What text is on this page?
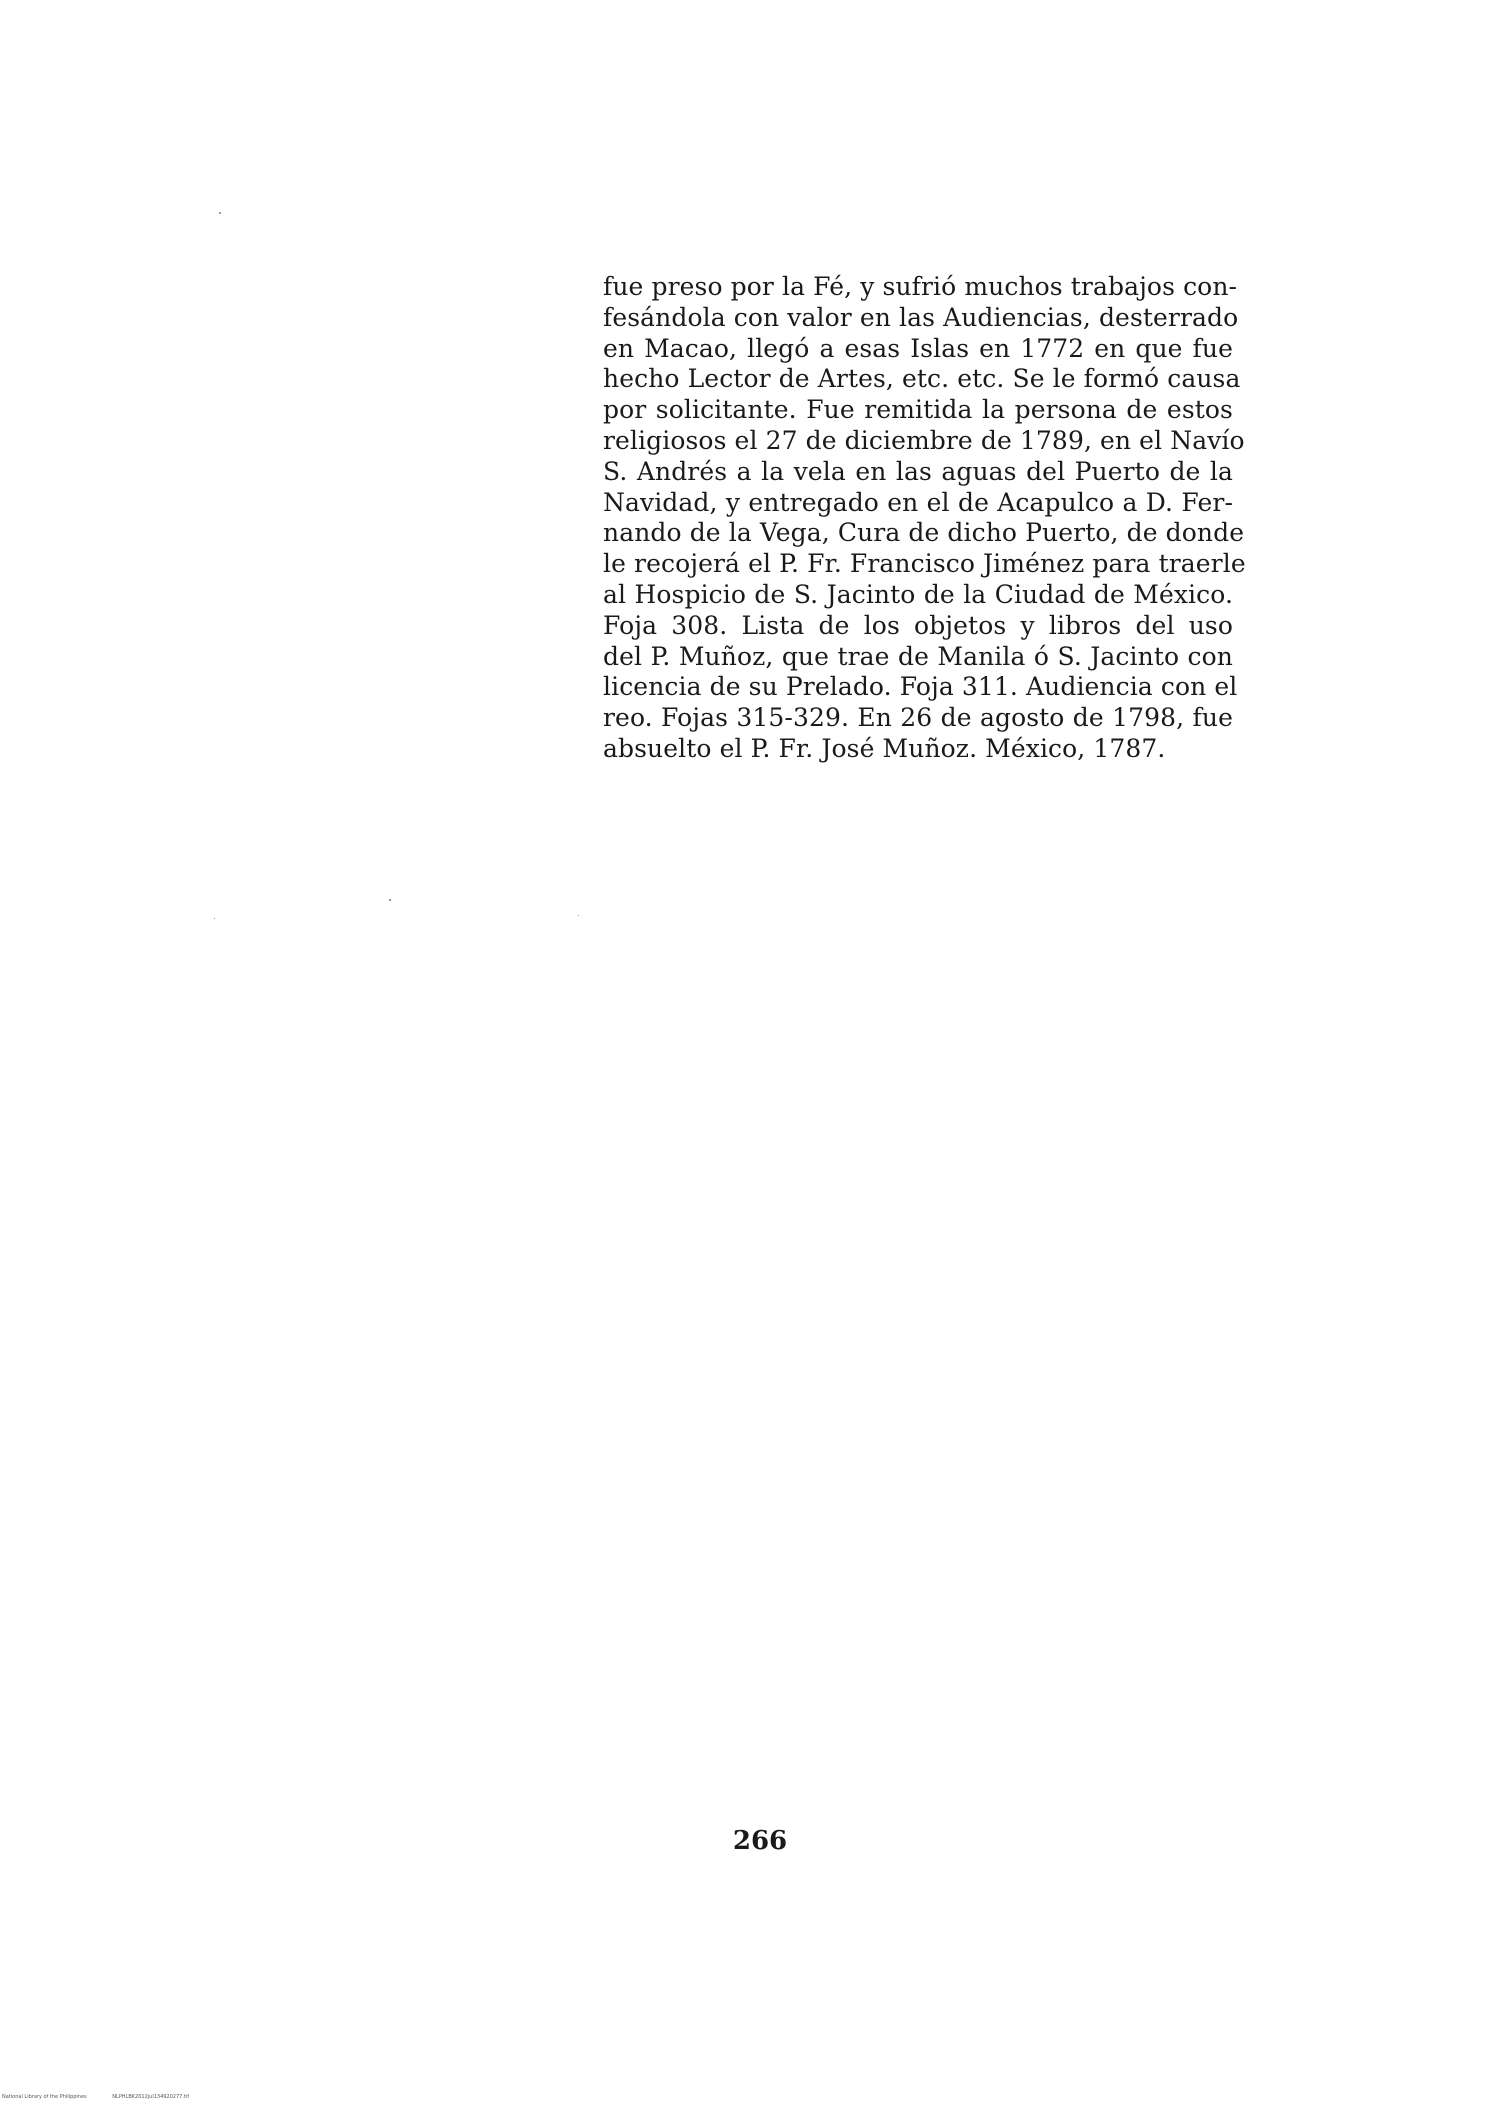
fue preso por la Fé, y sufrió muchos trabajos con-
fesándola con valor en las Audiencias, desterrado
en Macao, llegó a esas Islas en 1772 en que fue
hecho Lector de Artes, etc. etc. Se le formó causa
por solicitante. Fue remitida la persona de estos
religiosos el 27 de diciembre de 1789, en el Navío
S. Andrés a la vela en las aguas del Puerto de la
Navidad, y entregado en el de Acapulco a D. Fer-
nando de la Vega, Cura de dicho Puerto, de donde
le recojerá el P. Fr. Francisco Jiménez para traerle
al Hospicio de S. Jacinto de la Ciudad de México.
Foja 308. Lista de los objetos y libros del uso
del P. Muñoz, que trae de Manila ó S. Jacinto con
licencia de su Prelado. Foja 311. Audiencia con el
reo. Fojas 315-329. En 26 de agosto de 1798, fue
absuelto el P. Fr. José Muñoz. México, 1787.
266
National Library of the Philippines	NLPHLBK2012jul134920277.tif
